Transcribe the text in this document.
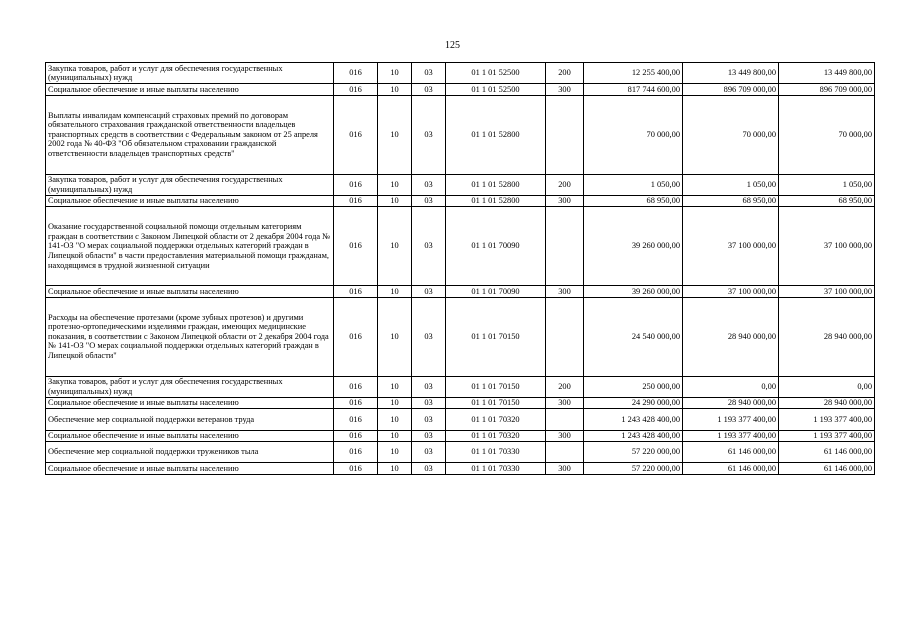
125
Закупка товаров, работ и услуг для обеспечения государственных (муниципальных) нужд	016	10	03	01 1 01 52500	200	12 255 400,00	13 449 800,00	13 449 800,00
Социальное обеспечение и иные выплаты населению	016	10	03	01 1 01 52500	300	817 744 600,00	896 709 000,00	896 709 000,00
Выплаты инвалидам компенсаций страховых премий по договорам обязательного страхования гражданской ответственности владельцев транспортных средств в соответствии с Федеральным законом от 25 апреля 2002 года № 40-ФЗ "Об обязательном страховании гражданской ответственности владельцев транспортных средств"	016	10	03	01 1 01 52800		70 000,00	70 000,00	70 000,00
Закупка товаров, работ и услуг для обеспечения государственных (муниципальных) нужд	016	10	03	01 1 01 52800	200	1 050,00	1 050,00	1 050,00
Социальное обеспечение и иные выплаты населению	016	10	03	01 1 01 52800	300	68 950,00	68 950,00	68 950,00
Оказание государственной социальной помощи отдельным категориям граждан в соответствии с Законом Липецкой области от 2 декабря 2004 года № 141-ОЗ "О мерах социальной поддержки отдельных категорий граждан в Липецкой области" в части предоставления материальной помощи гражданам, находящимся в трудной жизненной ситуации	016	10	03	01 1 01 70090		39 260 000,00	37 100 000,00	37 100 000,00
Социальное обеспечение и иные выплаты населению	016	10	03	01 1 01 70090	300	39 260 000,00	37 100 000,00	37 100 000,00
Расходы на обеспечение протезами (кроме зубных протезов) и другими протезно-ортопедическими изделиями граждан, имеющих медицинские показания, в соответствии с Законом Липецкой области от 2 декабря 2004 года № 141-ОЗ "О мерах социальной поддержки отдельных категорий граждан в Липецкой области"	016	10	03	01 1 01 70150		24 540 000,00	28 940 000,00	28 940 000,00
Закупка товаров, работ и услуг для обеспечения государственных (муниципальных) нужд	016	10	03	01 1 01 70150	200	250 000,00	0,00	0,00
Социальное обеспечение и иные выплаты населению	016	10	03	01 1 01 70150	300	24 290 000,00	28 940 000,00	28 940 000,00
Обеспечение мер социальной поддержки ветеранов труда	016	10	03	01 1 01 70320		1 243 428 400,00	1 193 377 400,00	1 193 377 400,00
Социальное обеспечение и иные выплаты населению	016	10	03	01 1 01 70320	300	1 243 428 400,00	1 193 377 400,00	1 193 377 400,00
Обеспечение мер социальной поддержки тружеников тыла	016	10	03	01 1 01 70330		57 220 000,00	61 146 000,00	61 146 000,00
Социальное обеспечение и иные выплаты населению	016	10	03	01 1 01 70330	300	57 220 000,00	61 146 000,00	61 146 000,00
